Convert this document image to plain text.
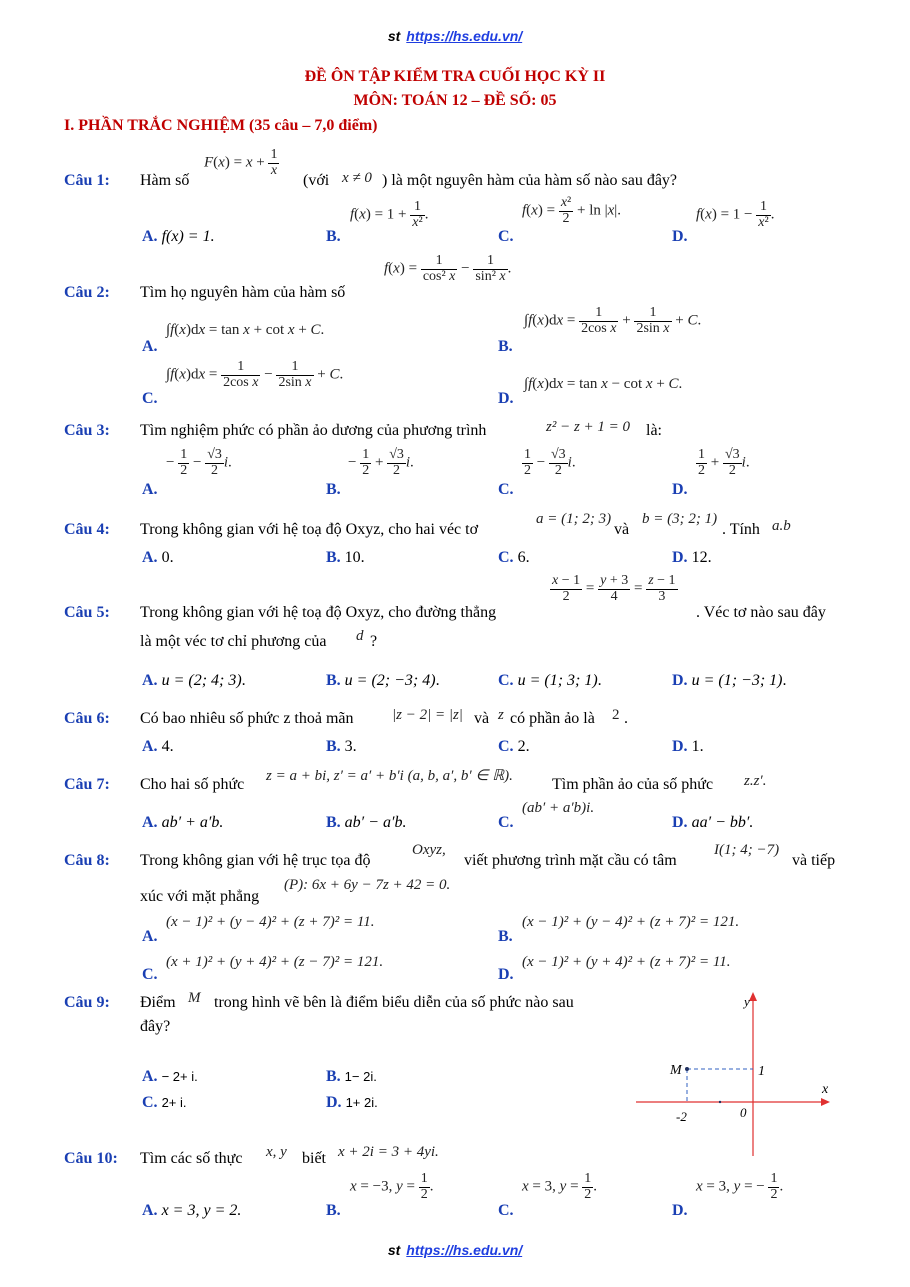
st https://hs.edu.vn/
ĐỀ ÔN TẬP KIỂM TRA CUỐI HỌC KỲ II
MÔN: TOÁN 12 – ĐỀ SỐ: 05
I. PHẦN TRẮC NGHIỆM (35 câu – 7,0 điểm)
Câu 1: Hàm số
$F(x) = x + \frac{1}{x}$
(với x ≠ 0 ) là một nguyên hàm của hàm số nào sau đây?
A. f(x) = 1.	B.
$f(x) = 1 + \frac{1}{\text{x²}}$ .
C.
$f(x) = \frac{\text{x²}}{2} + \ln |x|$.
D.
$f(x) = 1 - \frac{1}{\text{x²}}$ .
Câu 2: Tìm họ nguyên hàm của hàm số
$f(x) = \frac{1}{\text{cos² x}} - \frac{1}{\text{sin² x}}$ .
A.
∫f(x)dx = tan x + cot x + C.
B.
$\int f(x)dx = \frac{1}{\text{2cos x}} + \frac{1}{\text{2sin x}} + C$.
C.
$\int f(x)dx = \frac{1}{\text{2cos x}} - \frac{1}{\text{2sin x}} + C$.
D.
∫f(x)dx = tan x − cot x + C.
Câu 3: Tìm nghiệm phức có phần ảo dương của phương trình	z² − z + 1 = 0 là:
A.
− $\frac{1}{2} - \frac{√3}{2} i$.
B.
− $\frac{1}{2} + \frac{√3}{2} i$.
C.
$\frac{1}{2} - \frac{√3}{2} i$.
D.
$\frac{1}{2} + \frac{√3}{2} i$.
Câu 4: Trong không gian với hệ toạ độ Oxyz, cho hai véc tơ
a = (1; 2; 3)
và
b = (3; 2; 1)
. Tính a.b
A. 0.	B. 10.	C. 6.	D. 12.
Câu 5: Trong không gian với hệ toạ độ Oxyz, cho đường thẳng
$\frac{x - 1}{2} = \frac{y + 3}{4} = \frac{z - 1}{3}$
. Véc tơ nào sau đây
là một véc tơ chỉ phương của d ?
A. u = (2; 4; 3).	B. u = (2; −3; 4).	C. u = (1; 3; 1).	D. u = (1; −3; 1).
Câu 6: Có bao nhiêu số phức z thoả mãn	|z − 2| = |z| và z có phần ảo là 2 .
A. 4.	B. 3.	C. 2.	D. 1.
Câu 7: Cho hai số phức z = a + bi, z′ = a′ + b′i (a, b, a′, b′ ∈ ℝ). Tìm phần ảo của số phức z.z′.
A. ab′ + a′b.	B. ab′ − a′b.	C.
(ab′ + a′b)i.
D. aa′ − bb′.
Câu 8: Trong không gian với hệ trục tọa độ
Oxyz,
viết phương trình mặt cầu có tâm
I(1; 4; −7)
và tiếp
xúc với mặt phẳng
(P): 6x + 6y − 7z + 42 = 0.
A.
(x − 1)² + (y − 4)² + (z + 7)² = 11.
B.
(x − 1)² + (y − 4)² + (z + 7)² = 121.
C.
(x + 1)² + (y + 4)² + (z − 7)² = 121.
D.
(x − 1)² + (y + 4)² + (z + 7)² = 11.
Câu 9: Điểm M trong hình vẽ bên là điểm biểu diễn của số phức nào sau
đây?
A. − 2+ i.	B. 1− 2i.
C. 2+ i.	D. 1+ 2i.
y
x
M	1
-2	0
Câu 10: Tìm các số thực x, y biết x + 2i = 3 + 4yi.
A. x = 3, y = 2.	B.
x = −3, $y = \frac{1}{2}$ .
C.
x = 3, $y = \frac{1}{2}$ .
D.
x = 3, y = − $\frac{1}{2}$ .
st https://hs.edu.vn/
